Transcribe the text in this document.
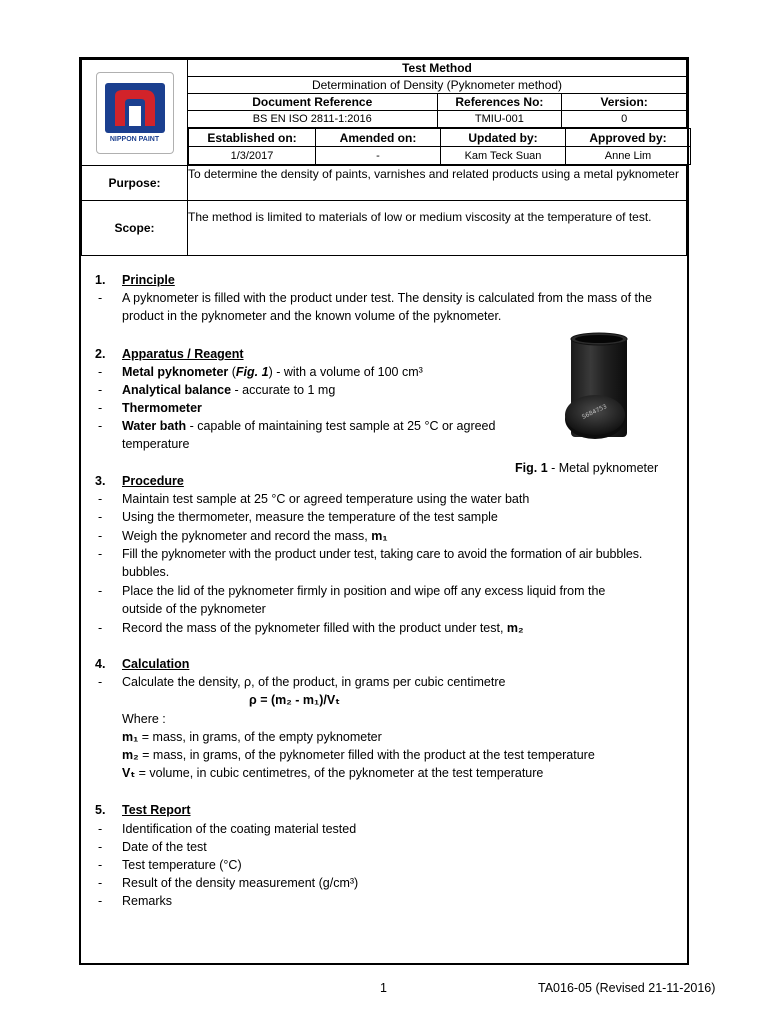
NIPPON PAINT
	Test Method
Determination of Density (Pyknometer method)
Document Reference	References No:	Version:
BS EN ISO 2811-1:2016	TMIU-001	0

Established on:	Amended on:	Updated by:	Approved by:
1/3/2017	-	Kam Teck Suan	Anne Lim

Purpose:	To determine the density of paints, varnishes and related products using a metal pyknometer
Scope:	The method is limited to materials of low or medium viscosity at the temperature of test.
1. Principle
- A pyknometer is filled with the product under test. The density is calculated from the mass of the
product in the pyknometer and the known volume of the pyknometer.
2. Apparatus / Reagent
- Metal pyknometer (Fig. 1) - with a volume of 100 cm³
- Analytical balance - accurate to 1 mg
- Thermometer
- Water bath - capable of maintaining test sample at 25 °C or agreed
temperature
Fig. 1 - Metal pyknometer
S684753
3. Procedure
- Maintain test sample at 25 °C or agreed temperature using the water bath
- Using the thermometer, measure the temperature of the test sample
- Weigh the pyknometer and record the mass, m₁
- Fill the pyknometer with the product under test, taking care to avoid the formation of air bubbles.
bubbles.
- Place the lid of the pyknometer firmly in position and wipe off any excess liquid from the
outside of the pyknometer
- Record the mass of the pyknometer filled with the product under test, m₂
4. Calculation
- Calculate the density, ρ, of the product, in grams per cubic centimetre
ρ = (m₂ - m₁)/Vₜ
Where :
m₁ = mass, in grams, of the empty pyknometer
m₂ = mass, in grams, of the pyknometer filled with the product at the test temperature
Vₜ = volume, in cubic centimetres, of the pyknometer at the test temperature
5. Test Report
- Identification of the coating material tested
- Date of the test
- Test temperature (°C)
- Result of the density measurement (g/cm³)
- Remarks
1	TA016-05 (Revised 21-11-2016)
